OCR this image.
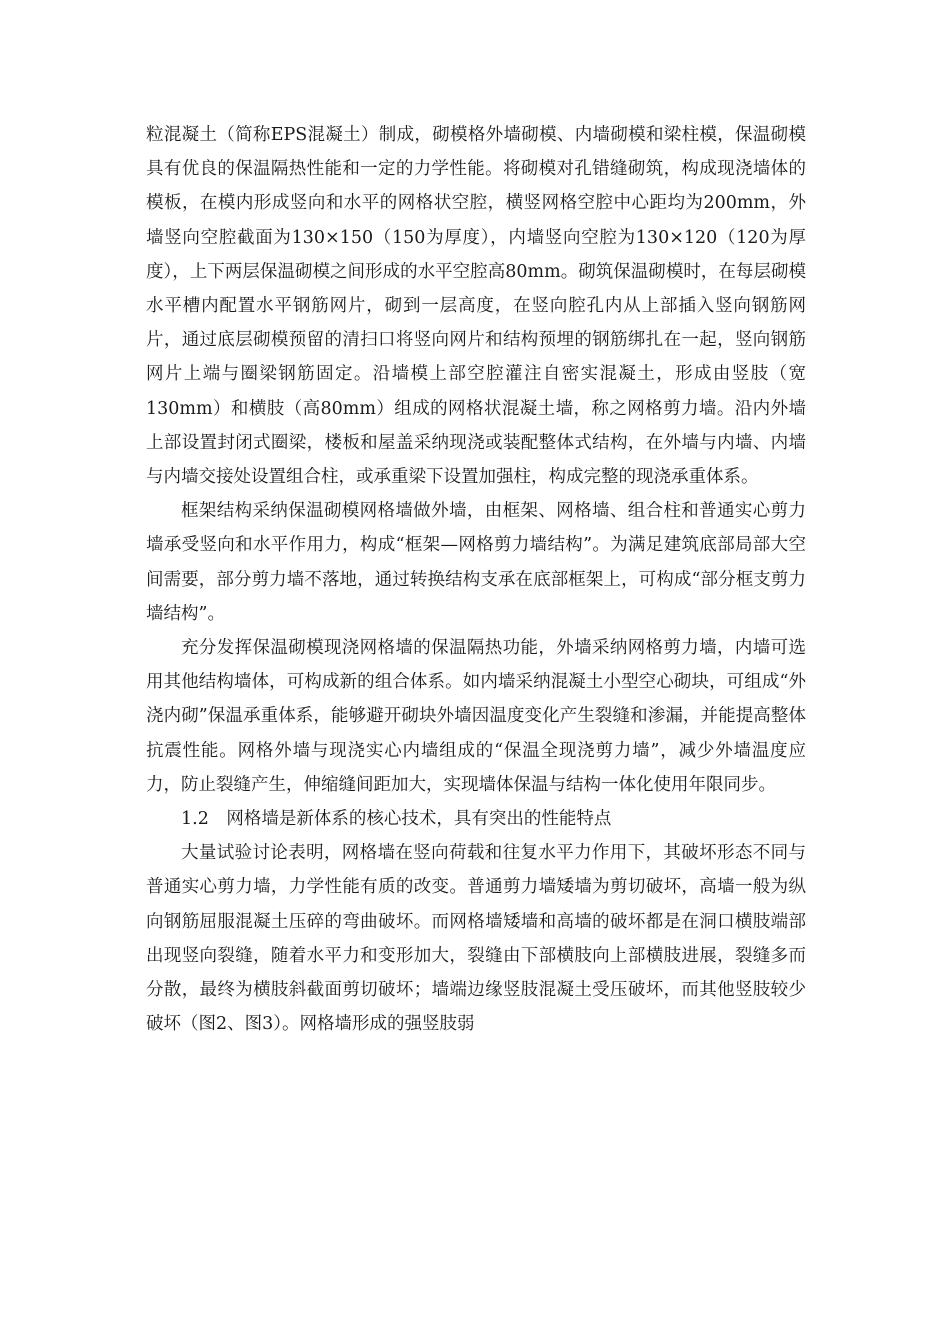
粒混凝土（简称EPS混凝土）制成，砌模格外墙砌模、内墙砌模和梁柱模，保温砌模具有优良的保温隔热性能和一定的力学性能。将砌模对孔错缝砌筑，构成现浇墙体的模板，在模内形成竖向和水平的网格状空腔，横竖网格空腔中心距均为200mm，外墙竖向空腔截面为130×150（150为厚度），内墙竖向空腔为130×120（120为厚度），上下两层保温砌模之间形成的水平空腔高80mm。砌筑保温砌模时，在每层砌模水平槽内配置水平钢筋网片，砌到一层高度，在竖向腔孔内从上部插入竖向钢筋网片，通过底层砌模预留的清扫口将竖向网片和结构预埋的钢筋绑扎在一起，竖向钢筋网片上端与圈梁钢筋固定。沿墙模上部空腔灌注自密实混凝土，形成由竖肢（宽130mm）和横肢（高80mm）组成的网格状混凝土墙，称之网格剪力墙。沿内外墙上部设置封闭式圈梁，楼板和屋盖采纳现浇或装配整体式结构，在外墙与内墙、内墙与内墙交接处设置组合柱，或承重梁下设置加强柱，构成完整的现浇承重体系。

框架结构采纳保温砌模网格墙做外墙，由框架、网格墙、组合柱和普通实心剪力墙承受竖向和水平作用力，构成“框架—网格剪力墙结构”。为满足建筑底部局部大空间需要，部分剪力墙不落地，通过转换结构支承在底部框架上，可构成“部分框支剪力墙结构”。

充分发挥保温砌模现浇网格墙的保温隔热功能，外墙采纳网格剪力墙，内墙可选用其他结构墙体，可构成新的组合体系。如内墙采纳混凝土小型空心砌块，可组成“外浇内砌”保温承重体系，能够避开砌块外墙因温度变化产生裂缝和渗漏，并能提高整体抗震性能。网格外墙与现浇实心内墙组成的“保温全现浇剪力墙”，减少外墙温度应力，防止裂缝产生，伸缩缝间距加大，实现墙体保温与结构一体化使用年限同步。

1.2　网格墙是新体系的核心技术，具有突出的性能特点

大量试验讨论表明，网格墙在竖向荷载和往复水平力作用下，其破坏形态不同与普通实心剪力墙，力学性能有质的改变。普通剪力墙矮墙为剪切破坏，高墙一般为纵向钢筋屈服混凝土压碎的弯曲破坏。而网格墙矮墙和高墙的破坏都是在洞口横肢端部出现竖向裂缝，随着水平力和变形加大，裂缝由下部横肢向上部横肢进展，裂缝多而分散，最终为横肢斜截面剪切破坏；墙端边缘竖肢混凝土受压破坏，而其他竖肢较少破坏（图2、图3）。网格墙形成的强竖肢弱
